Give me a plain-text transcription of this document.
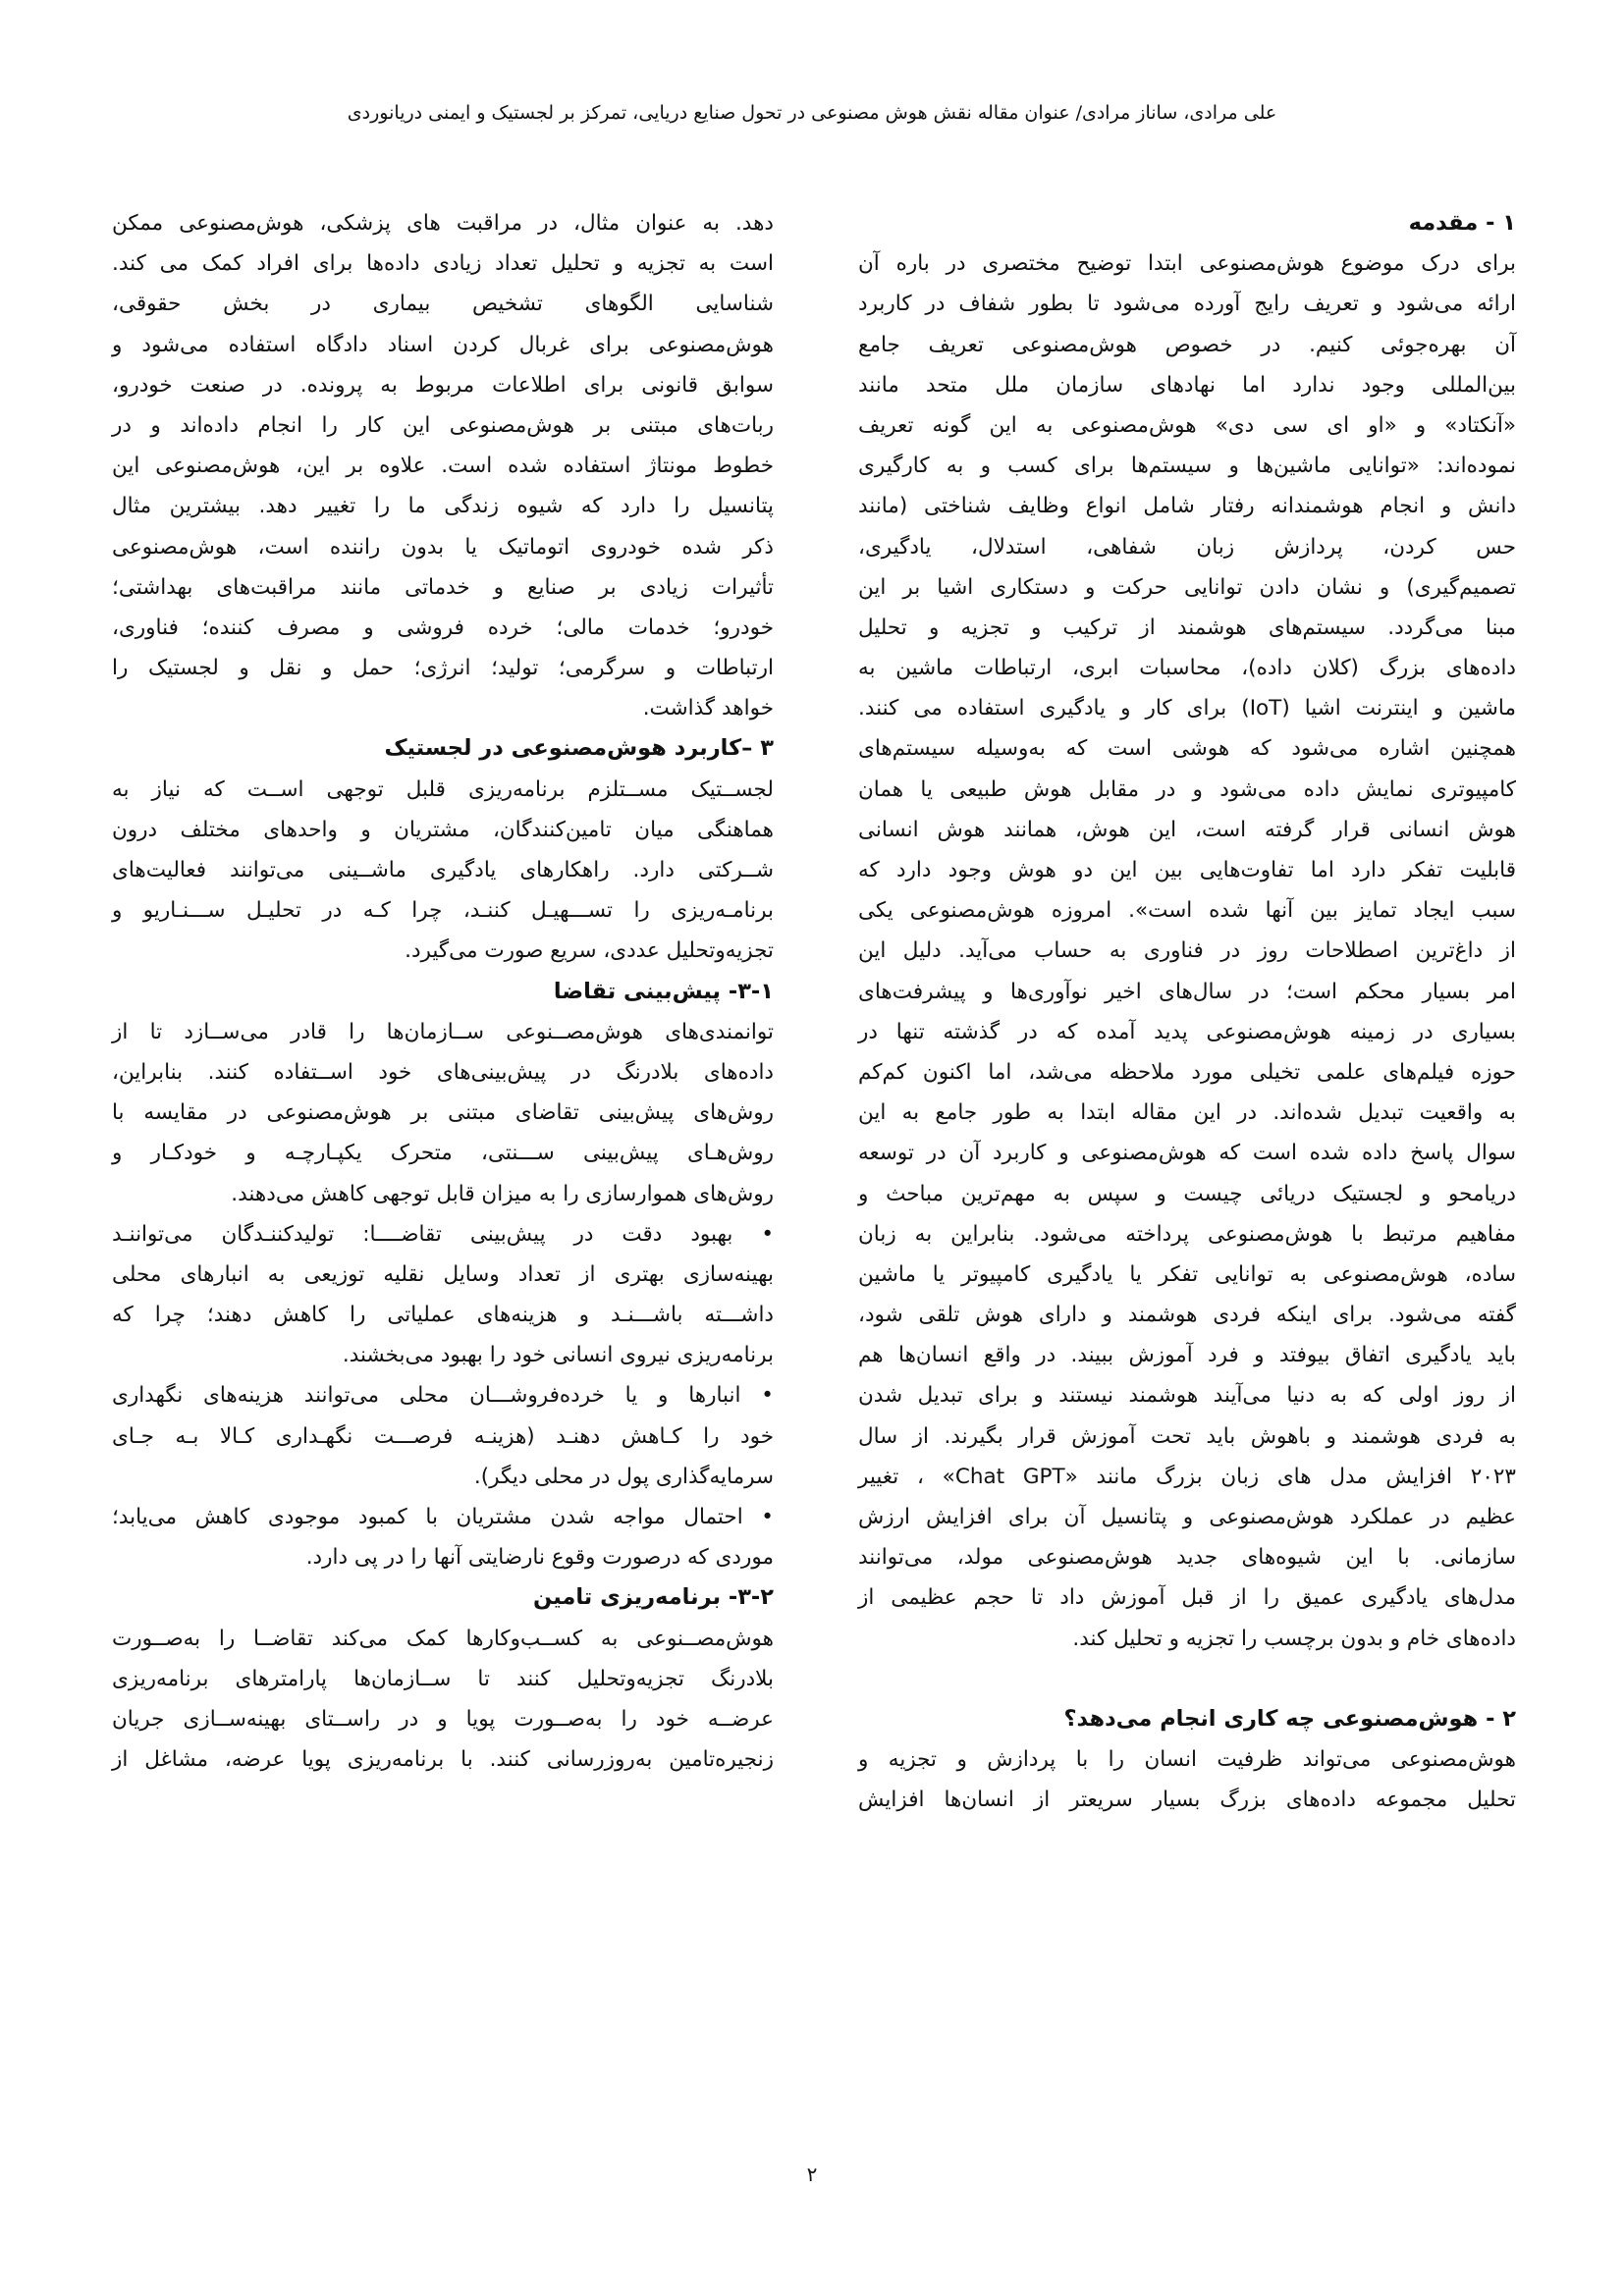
علی مرادی، ساناز مرادی/ عنوان مقاله نقش هوش مصنوعی در تحول صنایع دریایی، تمرکز بر لجستیک و ایمنی دریانوردی
۱ - مقدمه
برای درک موضوع هوش‌مصنوعی ابتدا توضیح مختصری در باره آن
ارائه می‌شود و تعریف رایج آورده می‌شود تا بطور شفاف در کاربرد
آن بهره‌جوئی کنیم. در خصوص هوش‌مصنوعی تعریف جامع
بین‌المللی وجود ندارد اما نهادهای سازمان ملل متحد مانند
«آنکتاد» و «او ای سی دی» هوش‌مصنوعی به این گونه تعریف
نموده‌اند: «توانایی ماشین‌ها و سیستم‌ها برای کسب و به کارگیری
دانش و انجام هوشمندانه رفتار شامل انواع وظایف شناختی (مانند
حس کردن، پردازش زبان شفاهی، استدلال، یادگیری،
تصمیم‌گیری) و نشان دادن توانایی حرکت و دستکاری اشیا بر این
مبنا می‌گردد. سیستم‌های هوشمند از ترکیب و تجزیه و تحلیل
داده‌های بزرگ (کلان داده)، محاسبات ابری، ارتباطات ماشین به
ماشین و اینترنت اشیا (IoT) برای کار و یادگیری استفاده می کنند.
همچنین اشاره می‌شود که هوشی است که به‌وسیله سیستم‌های
کامپیوتری نمایش داده می‌شود و در مقابل هوش طبیعی یا همان
هوش انسانی قرار گرفته است، این هوش، همانند هوش انسانی
قابلیت تفکر دارد اما تفاوت‌هایی بین این دو هوش وجود دارد که
سبب ایجاد تمایز بین آنها شده است». امروزه هوش‌مصنوعی یکی
از داغ‌ترین اصطلاحات روز در فناوری به حساب می‌آید. دلیل این
امر بسیار محکم است؛ در سال‌های اخیر نوآوری‌ها و پیشرفت‌های
بسیاری در زمینه هوش‌مصنوعی پدید آمده که در گذشته تنها در
حوزه فیلم‌های علمی تخیلی مورد ملاحظه می‌شد، اما اکنون کم‌کم
به واقعیت تبدیل شده‌اند. در این مقاله ابتدا به طور جامع به این
سوال پاسخ داده شده است که هوش‌مصنوعی و کاربرد آن در توسعه
دریامحو و لجستیک دریائی چیست و سپس به مهم‌ترین مباحث و
مفاهیم مرتبط با هوش‌مصنوعی پرداخته می‌شود. بنابراین به زبان
ساده، هوش‌مصنوعی به توانایی تفکر یا یادگیری کامپیوتر یا ماشین
گفته می‌شود. برای اینکه فردی هوشمند و دارای هوش تلقی شود،
باید یادگیری اتفاق بیوفتد و فرد آموزش ببیند. در واقع انسان‌ها هم
از روز اولی که به دنیا می‌آیند هوشمند نیستند و برای تبدیل شدن
به فردی هوشمند و باهوش باید تحت آموزش قرار بگیرند. از سال
۲۰۲۳ افزایش مدل های زبان بزرگ مانند «Chat GPT» ، تغییر
عظیم در عملکرد هوش‌مصنوعی و پتانسیل آن برای افزایش ارزش
سازمانی. با این شیوه‌های جدید هوش‌مصنوعی مولد، می‌توانند
مدل‌های یادگیری عمیق را از قبل آموزش داد تا حجم عظیمی از
داده‌های خام و بدون برچسب را تجزیه و تحلیل کند.
۲ - هوش‌مصنوعی چه کاری انجام می‌دهد؟
هوش‌مصنوعی می‌تواند ظرفیت انسان را با پردازش و تجزیه و
تحلیل مجموعه داده‌های بزرگ بسیار سریعتر از انسان‌ها افزایش
دهد. به عنوان مثال، در مراقبت های پزشکی، هوش‌مصنوعی ممکن
است به تجزیه و تحلیل تعداد زیادی داده‌ها برای افراد کمک می کند.
شناسایی الگوهای تشخیص بیماری در بخش حقوقی،
هوش‌مصنوعی برای غربال کردن اسناد دادگاه استفاده می‌شود و
سوابق قانونی برای اطلاعات مربوط به پرونده. در صنعت خودرو،
ربات‌های مبتنی بر هوش‌مصنوعی این کار را انجام داده‌اند و در
خطوط مونتاژ استفاده شده است. علاوه بر این، هوش‌مصنوعی این
پتانسیل را دارد که شیوه زندگی ما را تغییر دهد. بیشترین مثال
ذکر شده خودروی اتوماتیک یا بدون راننده است، هوش‌مصنوعی
تأثیرات زیادی بر صنایع و خدماتی مانند مراقبت‌های بهداشتی؛
خودرو؛ خدمات مالی؛ خرده فروشی و مصرف کننده؛ فناوری،
ارتباطات و سرگرمی؛ تولید؛ انرژی؛ حمل و نقل و لجستیک را
خواهد گذاشت.
۳ –کاربرد هوش‌مصنوعی در لجستیک
لجســتیک مســتلزم برنامه‌ریزی قلبل توجهی اســت که نیاز به
هماهنگی میان تامین‌کنندگان، مشتریان و واحدهای مختلف درون
شــرکتی دارد. راهکارهای یادگیری ماشــینی می‌توانند فعالیت‌های
برنامـه‌ریزی را تســـهیـل کننـد، چرا کـه در تحلیـل ســـنـاریو و
تجزیه‌وتحلیل عددی، سریع صورت می‌گیرد.
۳-۱- پیش‌بینی تقاضا
توانمندی‌های هوش‌مصــنوعی ســازمان‌ها را قادر می‌ســازد تا از
داده‌های بلادرنگ در پیش‌بینی‌های خود اســتفاده کنند. بنابراین،
روش‌های پیش‌بینی تقاضای مبتنی بر هوش‌مصنوعی در مقایسه با
روش‌هـای پیش‌بینی ســـنتی، متحرک یکپـارچـه و خودکـار و
روش‌های هموارسازی را به میزان قابل توجهی کاهش می‌دهند.
• بهبود دقت در پیش‌بینی تقاضــــا: تولیدکننـدگان می‌تواننـد
بهینه‌سازی بهتری از تعداد وسایل نقلیه توزیعی به انبارهای محلی
داشـــته باشـــنـد و هزینه‌های عملیاتی را کاهش دهند؛ چرا که
برنامه‌ریزی نیروی انسانی خود را بهبود می‌بخشند.
• انبارها و یا خرده‌فروشـــان محلی می‌توانند هزینه‌های نگهداری
خود را کـاهش دهنـد (هزینـه فرصـــت نگهـداری کـالا بـه جـای
سرمایه‌گذاری پول در محلی دیگر).
• احتمال مواجه شدن مشتریان با کمبود موجودی کاهش می‌یابد؛
موردی که درصورت وقوع نارضایتی آنها را در پی دارد.
۳-۲- برنامه‌ریزی تامین
هوش‌مصــنوعی به کســب‌وکارها کمک می‌کند تقاضــا را به‌صــورت
بلادرنگ تجزیه‌وتحلیل کنند تا ســازمان‌ها پارامترهای برنامه‌ریزی
عرضــه خود را به‌صــورت پویا و در راســتای بهینه‌ســازی جریان
زنجیره‌تامین به‌روزرسانی کنند. با برنامه‌ریزی پویا عرضه، مشاغل از
۲
